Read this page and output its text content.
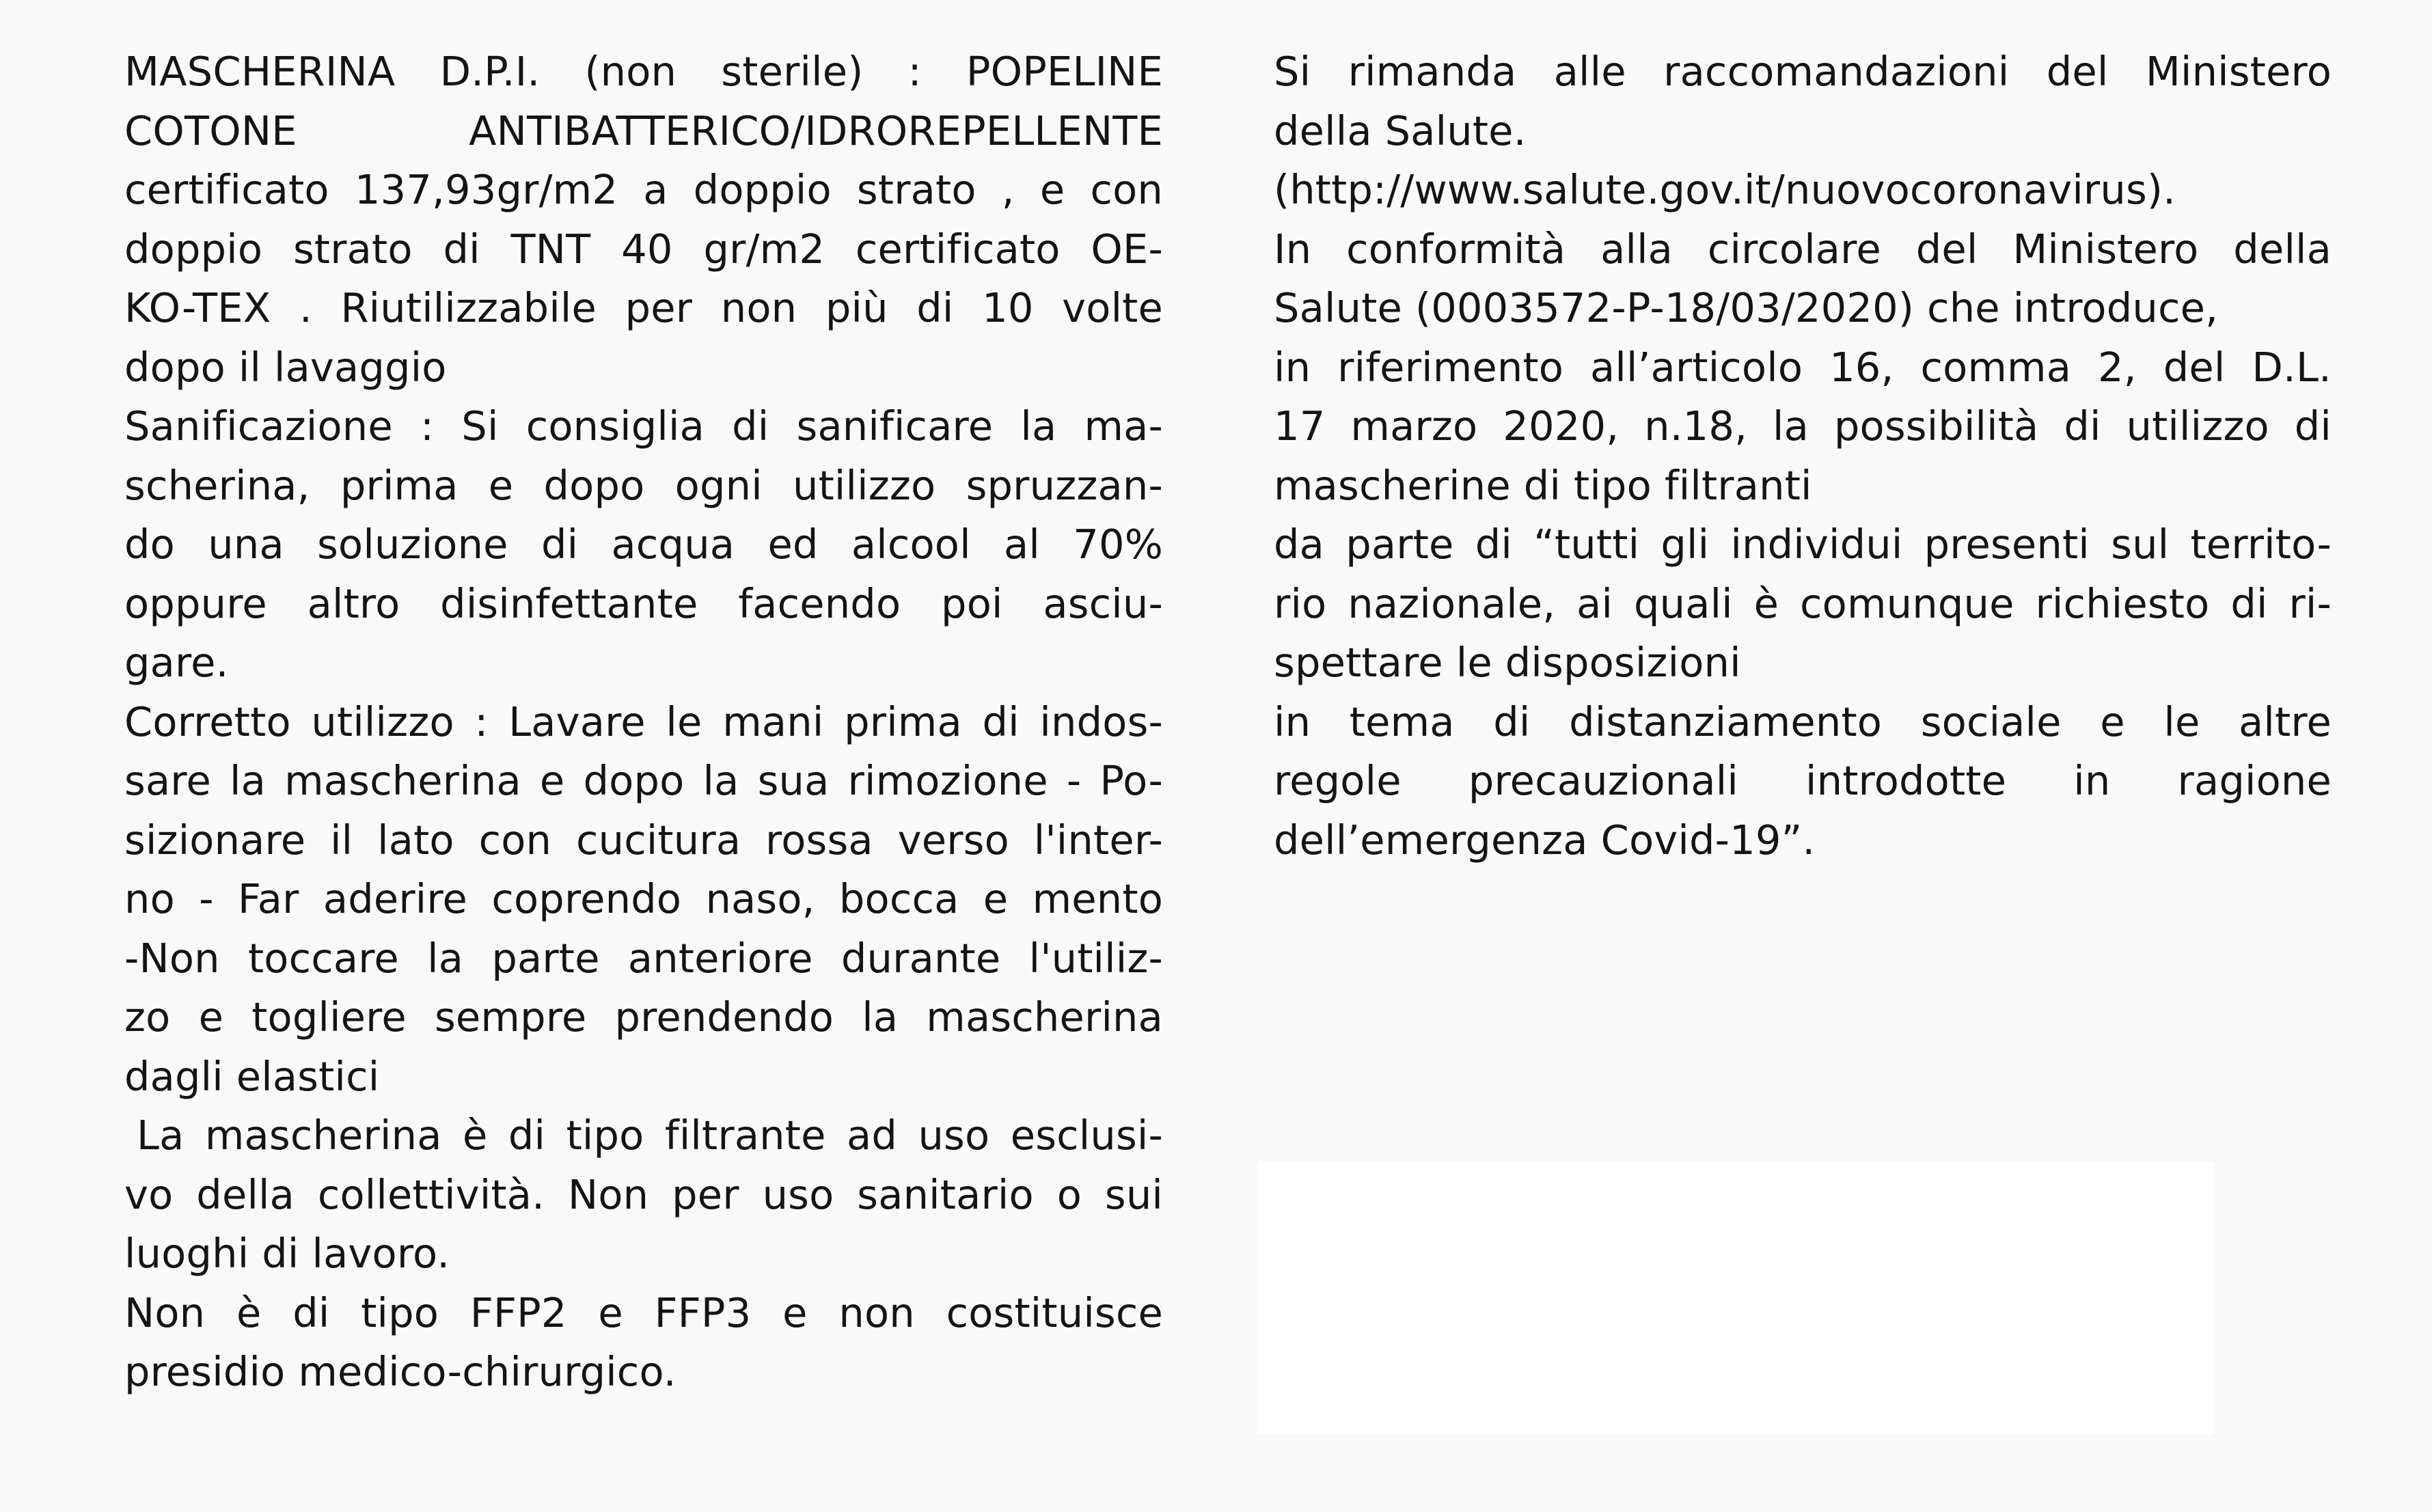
MASCHERINA D.P.I. (non sterile) : POPELINE
COTONE ANTIBATTERICO/IDROREPELLENTE
certificato 137,93gr/m2 a doppio strato , e con
doppio strato di TNT 40 gr/m2 certificato OE-
KO-TEX . Riutilizzabile per non più di 10 volte
dopo il lavaggio
Sanificazione : Si consiglia di sanificare la ma-
scherina, prima e dopo ogni utilizzo spruzzan-
do una soluzione di acqua ed alcool al 70%
oppure altro disinfettante facendo poi asciu-
gare.
Corretto utilizzo : Lavare le mani prima di indos-
sare la mascherina e dopo la sua rimozione - Po-
sizionare il lato con cucitura rossa verso l'inter-
no - Far aderire coprendo naso, bocca e mento
-Non toccare la parte anteriore durante l'utiliz-
zo e togliere sempre prendendo la mascherina
dagli elastici
La mascherina è di tipo filtrante ad uso esclusi-
vo della collettività. Non per uso sanitario o sui
luoghi di lavoro.
Non è di tipo FFP2 e FFP3 e non costituisce
presidio medico-chirurgico.
Si rimanda alle raccomandazioni del Ministero
della Salute.
(http://www.salute.gov.it/nuovocoronavirus).
In conformità alla circolare del Ministero della
Salute (0003572-P-18/03/2020) che introduce,
in riferimento all’articolo 16, comma 2, del D.L.
17 marzo 2020, n.18, la possibilità di utilizzo di
mascherine di tipo filtranti
da parte di “tutti gli individui presenti sul territo-
rio nazionale, ai quali è comunque richiesto di ri-
spettare le disposizioni
in tema di distanziamento sociale e le altre
regole precauzionali introdotte in ragione
dell’emergenza Covid-19”.
